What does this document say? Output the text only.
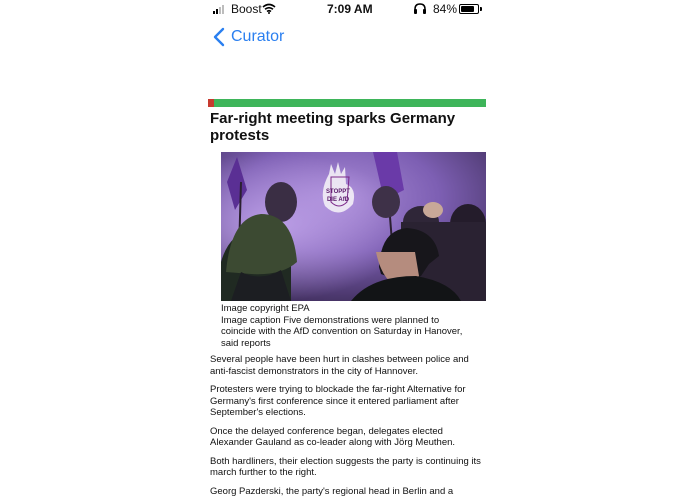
Boost	7:09 AM	84%
Curator
Far-right meeting sparks Germany protests
STOPPT
DIE AfD
Image copyright EPA
Image caption Five demonstrations were planned to coincide with the AfD convention on Saturday in Hanover, said reports

Several people have been hurt in clashes between police and anti-fascist demonstrators in the city of Hannover.

Protesters were trying to blockade the far-right Alternative for Germany's first conference since it entered parliament after September's elections.

Once the delayed conference began, delegates elected Alexander Gauland as co-leader along with Jörg Meuthen.

Both hardliners, their election suggests the party is continuing its march further to the right.

Georg Pazderski, the party's regional head in Berlin and a
